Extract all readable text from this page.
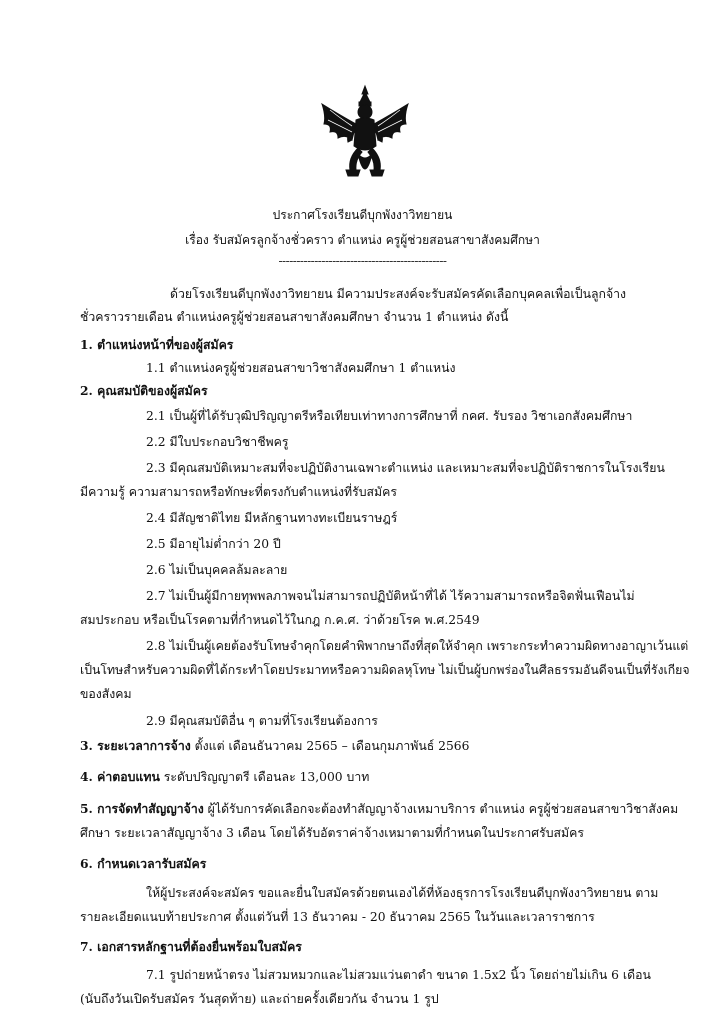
ประกาศโรงเรียนดีบุกพังงาวิทยายน
เรื่อง รับสมัครลูกจ้างชั่วคราว ตำแหน่ง ครูผู้ช่วยสอนสาขาสังคมศึกษา
-----------------------------------------------
ด้วยโรงเรียนดีบุกพังงาวิทยายน มีความประสงค์จะรับสมัครคัดเลือกบุคคลเพื่อเป็นลูกจ้าง
ชั่วคราวรายเดือน ตำแหน่งครูผู้ช่วยสอนสาขาสังคมศึกษา จำนวน 1 ตำแหน่ง ดังนี้
1. ตำแหน่งหน้าที่ของผู้สมัคร
1.1 ตำแหน่งครูผู้ช่วยสอนสาขาวิชาสังคมศึกษา 1 ตำแหน่ง
2. คุณสมบัติของผู้สมัคร
2.1 เป็นผู้ที่ได้รับวุฒิปริญญาตรีหรือเทียบเท่าทางการศึกษาที่ กคศ. รับรอง วิชาเอกสังคมศึกษา
2.2 มีใบประกอบวิชาชีพครู
2.3 มีคุณสมบัติเหมาะสมที่จะปฏิบัติงานเฉพาะตำแหน่ง และเหมาะสมที่จะปฏิบัติราชการในโรงเรียน
มีความรู้ ความสามารถหรือทักษะที่ตรงกับตำแหน่งที่รับสมัคร
2.4 มีสัญชาติไทย มีหลักฐานทางทะเบียนราษฎร์
2.5 มีอายุไม่ต่ำกว่า 20 ปี
2.6 ไม่เป็นบุคคลล้มละลาย
2.7 ไม่เป็นผู้มีกายทุพพลภาพจนไม่สามารถปฏิบัติหน้าที่ได้ ไร้ความสามารถหรือจิตฟั่นเฟือนไม่
สมประกอบ หรือเป็นโรคตามที่กำหนดไว้ในกฎ ก.ค.ศ. ว่าด้วยโรค พ.ศ.2549
2.8 ไม่เป็นผู้เคยต้องรับโทษจำคุกโดยคำพิพากษาถึงที่สุดให้จำคุก เพราะกระทำความผิดทางอาญาเว้นแต่
เป็นโทษสำหรับความผิดที่ได้กระทำโดยประมาทหรือความผิดลหุโทษ ไม่เป็นผู้บกพร่องในศีลธรรมอันดีจนเป็นที่รังเกียจ
ของสังคม
2.9 มีคุณสมบัติอื่น ๆ ตามที่โรงเรียนต้องการ
3. ระยะเวลาการจ้าง ตั้งแต่ เดือนธันวาคม 2565 – เดือนกุมภาพันธ์ 2566
4. ค่าตอบแทน ระดับปริญญาตรี เดือนละ 13,000 บาท
5. การจัดทำสัญญาจ้าง ผู้ได้รับการคัดเลือกจะต้องทำสัญญาจ้างเหมาบริการ ตำแหน่ง ครูผู้ช่วยสอนสาขาวิชาสังคม
ศึกษา ระยะเวลาสัญญาจ้าง 3 เดือน โดยได้รับอัตราค่าจ้างเหมาตามที่กำหนดในประกาศรับสมัคร
6. กำหนดเวลารับสมัคร
ให้ผู้ประสงค์จะสมัคร ขอและยื่นใบสมัครด้วยตนเองได้ที่ห้องธุรการโรงเรียนดีบุกพังงาวิทยายน ตาม
รายละเอียดแนบท้ายประกาศ ตั้งแต่วันที่ 13 ธันวาคม - 20 ธันวาคม 2565 ในวันและเวลาราชการ
7. เอกสารหลักฐานที่ต้องยื่นพร้อมใบสมัคร
7.1 รูปถ่ายหน้าตรง ไม่สวมหมวกและไม่สวมแว่นตาดำ ขนาด 1.5x2 นิ้ว โดยถ่ายไม่เกิน 6 เดือน
(นับถึงวันเปิดรับสมัคร วันสุดท้าย) และถ่ายครั้งเดียวกัน จำนวน 1 รูป
